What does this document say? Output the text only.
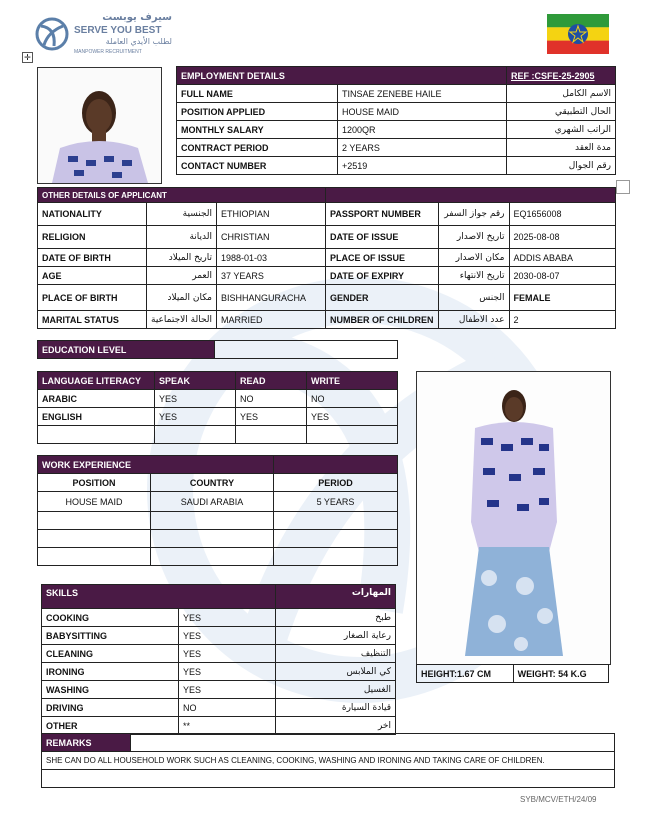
سيرف يوبست
SERVE YOU BEST
لطلب الأيدي العاملة
MANPOWER RECRUITMENT
✛
EMPLOYMENT DETAILS		REF :CSFE-25-2905
FULL NAME	TINSAE ZENEBE HAILE	الاسم الكامل
POSITION APPLIED	HOUSE MAID	الحال التطبيقي
MONTHLY SALARY	1200QR	الراتب الشهري
CONTRACT PERIOD	2 YEARS	مدة العقد
CONTACT NUMBER	+2519	رقم الجوال
OTHER DETAILS OF APPLICANT					
NATIONALITY	الجنسية	ETHIOPIAN	PASSPORT NUMBER	رقم جواز السفر	EQ1656008
RELIGION	الديانة	CHRISTIAN	DATE OF ISSUE	تاريخ الاصدار	2025-08-08
DATE OF BIRTH	تاريخ الميلاد	1988-01-03	PLACE OF ISSUE	مكان الاصدار	ADDIS ABABA
AGE	العمر	37 YEARS	DATE OF EXPIRY	تاريخ الانتهاء	2030-08-07
PLACE OF BIRTH	مكان الميلاد	BISHHANGURACHA	GENDER	الجنس	FEMALE
MARITAL STATUS	الحالة الاجتماعية	MARRIED	NUMBER OF CHILDREN	عدد الاطفال	2
EDUCATION LEVEL	
LANGUAGE LITERACY	SPEAK	READ	WRITE
ARABIC	YES	NO	NO
ENGLISH	YES	YES	YES

WORK EXPERIENCE		
POSITION	COUNTRY	PERIOD
HOUSE MAID	SAUDI ARABIA	5 YEARS

SKILLS		المهارات
COOKING	YES	طبخ
BABYSITTING	YES	رعاية الصغار
CLEANING	YES	التنظيف
IRONING	YES	كي الملابس
WASHING	YES	الغسيل
DRIVING	NO	قيادة السيارة
OTHER	**	اخر
HEIGHT:1.67 CM	WEIGHT: 54 K.G
REMARKS	
SHE CAN DO ALL HOUSEHOLD WORK SUCH AS CLEANING, COOKING, WASHING AND IRONING AND TAKING CARE OF CHILDREN.

SYB/MCV/ETH/24/09
